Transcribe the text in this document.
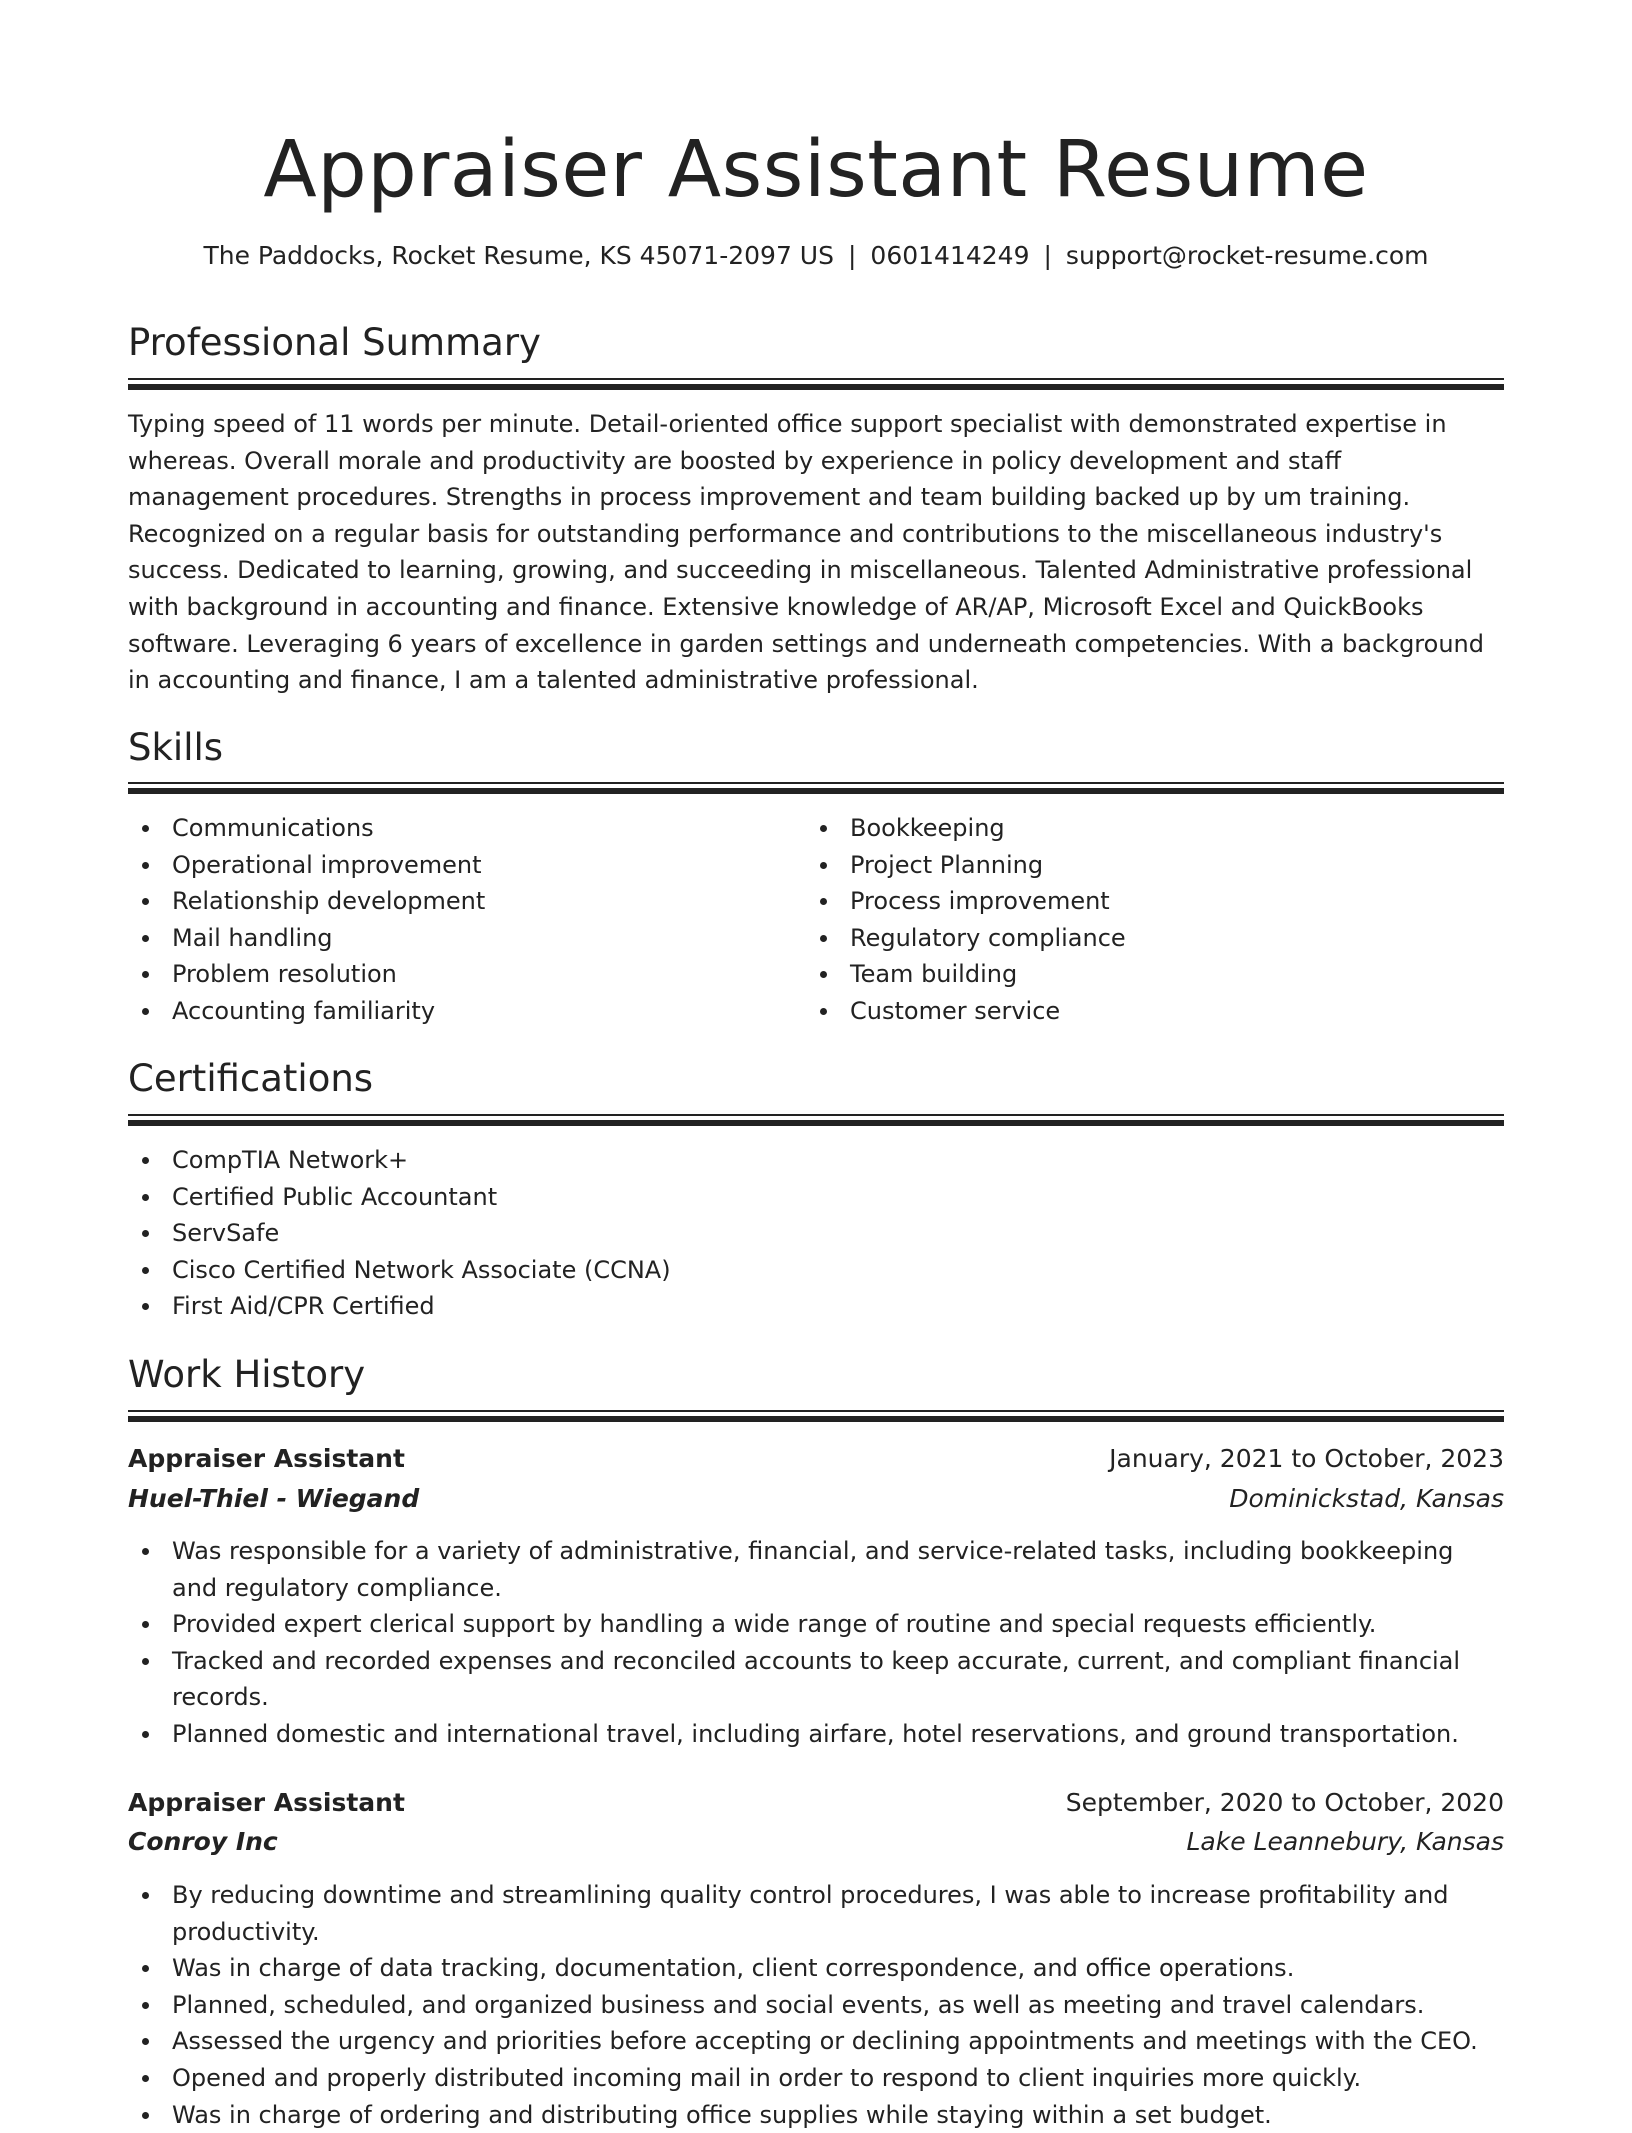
Appraiser Assistant Resume
The Paddocks, Rocket Resume, KS 45071-2097 US | 0601414249 | support@rocket-resume.com
Professional Summary

Typing speed of 11 words per minute. Detail-oriented office support specialist with demonstrated expertise in whereas. Overall morale and productivity are boosted by experience in policy development and staff management procedures. Strengths in process improvement and team building backed up by um training. Recognized on a regular basis for outstanding performance and contributions to the miscellaneous industry's success. Dedicated to learning, growing, and succeeding in miscellaneous. Talented Administrative professional with background in accounting and finance. Extensive knowledge of AR/AP, Microsoft Excel and QuickBooks software. Leveraging 6 years of excellence in garden settings and underneath competencies. With a background in accounting and finance, I am a talented administrative professional.

Skills
Communications
Operational improvement
Relationship development
Mail handling
Problem resolution
Accounting familiarity
Bookkeeping
Project Planning
Process improvement
Regulatory compliance
Team building
Customer service
Certifications
CompTIA Network+
Certified Public Accountant
ServSafe
Cisco Certified Network Associate (CCNA)
First Aid/CPR Certified
Work History
Appraiser Assistant	January, 2021 to October, 2023
Huel-Thiel - Wiegand	Dominickstad, Kansas
Was responsible for a variety of administrative, financial, and service-related tasks, including bookkeeping and regulatory compliance.
Provided expert clerical support by handling a wide range of routine and special requests efficiently.
Tracked and recorded expenses and reconciled accounts to keep accurate, current, and compliant financial records.
Planned domestic and international travel, including airfare, hotel reservations, and ground transportation.
Appraiser Assistant	September, 2020 to October, 2020
Conroy Inc	Lake Leannebury, Kansas
By reducing downtime and streamlining quality control procedures, I was able to increase profitability and productivity.
Was in charge of data tracking, documentation, client correspondence, and office operations.
Planned, scheduled, and organized business and social events, as well as meeting and travel calendars.
Assessed the urgency and priorities before accepting or declining appointments and meetings with the CEO.
Opened and properly distributed incoming mail in order to respond to client inquiries more quickly.
Was in charge of ordering and distributing office supplies while staying within a set budget.
